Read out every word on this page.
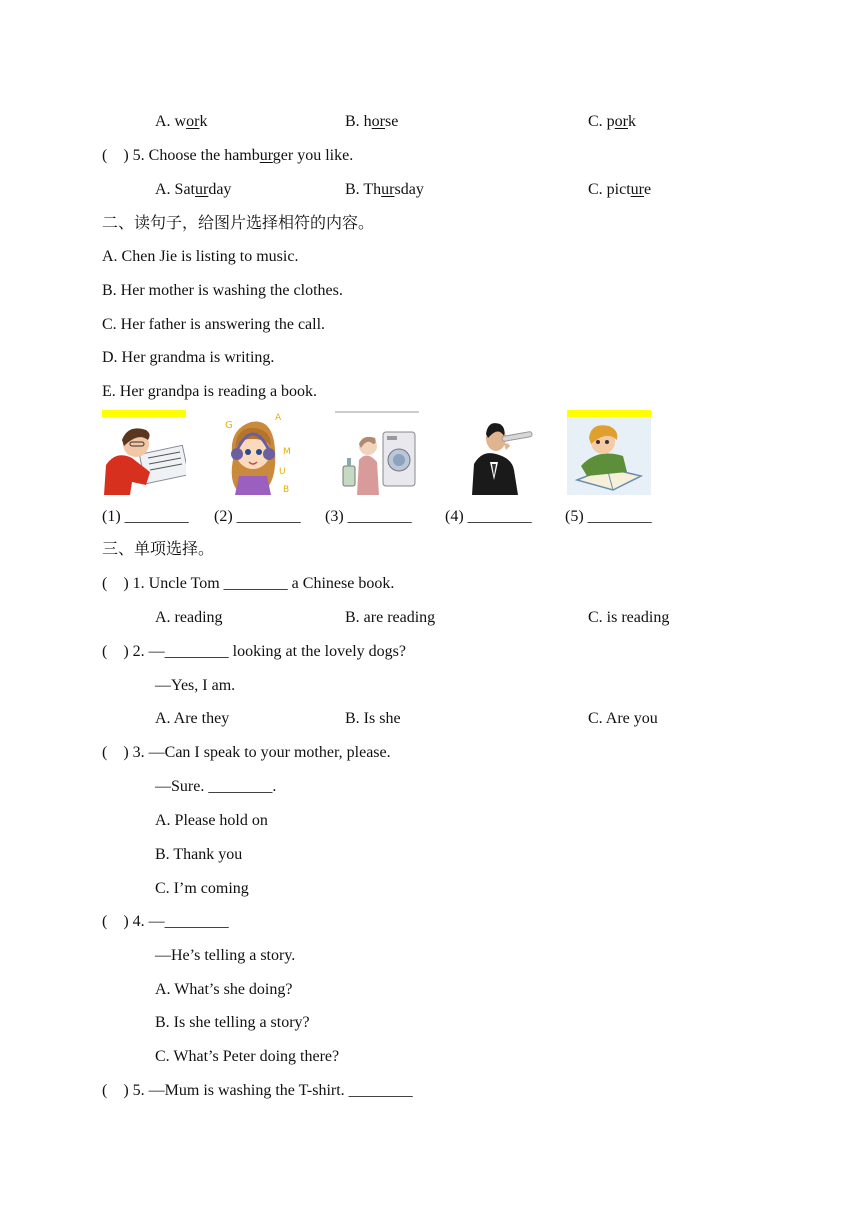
A. work	B. horse	C. pork
(    ) 5. Choose the hamburger you like.
A. Saturday	B. Thursday	C. picture
二、读句子，给图片选择相符的内容。
A. Chen Jie is listing to music.
B. Her mother is washing the clothes.
C. Her father is answering the call.
D. Her grandma is writing.
E. Her grandpa is reading a book.
G
A
M
U
B
(1) ________ (2) ________ (3) ________ (4) ________ (5) ________
三、单项选择。
(    ) 1. Uncle Tom ________ a Chinese book.
A. reading	B. are reading	C. is reading
(    ) 2. —________ looking at the lovely dogs?
—Yes, I am.
A. Are they	B. Is she	C. Are you
(    ) 3. —Can I speak to your mother, please.
—Sure. ________.
A. Please hold on
B. Thank you
C. I’m coming
(    ) 4. —________
—He’s telling a story.
A. What’s she doing?
B. Is she telling a story?
C. What’s Peter doing there?
(    ) 5. —Mum is washing the T-shirt. ________
